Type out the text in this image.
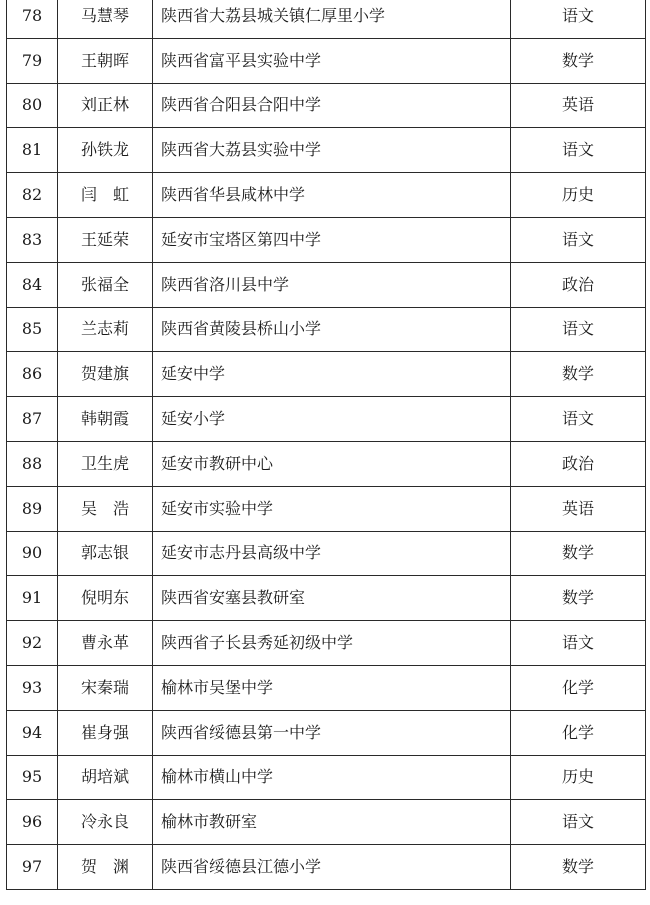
78	马慧琴	陕西省大荔县城关镇仁厚里小学	语文
79	王朝晖	陕西省富平县实验中学	数学
80	刘正林	陕西省合阳县合阳中学	英语
81	孙铁龙	陕西省大荔县实验中学	语文
82	闫虹	陕西省华县咸林中学	历史
83	王延荣	延安市宝塔区第四中学	语文
84	张福全	陕西省洛川县中学	政治
85	兰志莉	陕西省黄陵县桥山小学	语文
86	贺建旗	延安中学	数学
87	韩朝霞	延安小学	语文
88	卫生虎	延安市教研中心	政治
89	吴浩	延安市实验中学	英语
90	郭志银	延安市志丹县高级中学	数学
91	倪明东	陕西省安塞县教研室	数学
92	曹永革	陕西省子长县秀延初级中学	语文
93	宋秦瑞	榆林市吴堡中学	化学
94	崔身强	陕西省绥德县第一中学	化学
95	胡培斌	榆林市横山中学	历史
96	冷永良	榆林市教研室	语文
97	贺渊	陕西省绥德县江德小学	数学
